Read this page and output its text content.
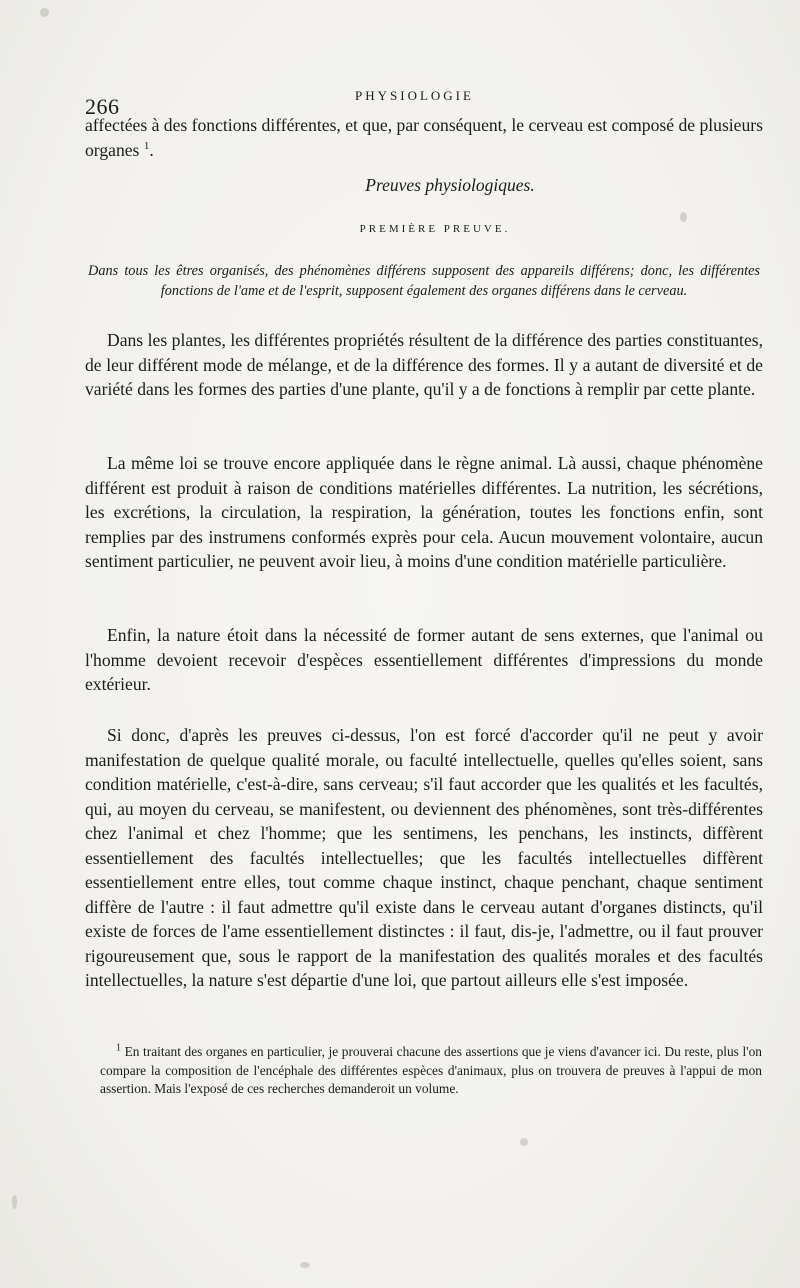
266	PHYSIOLOGIE
affectées à des fonctions différentes, et que, par conséquent, le cerveau est composé de plusieurs organes $^1$.
Preuves physiologiques.
PREMIÈRE PREUVE.
Dans tous les êtres organisés, des phénomènes différens supposent des appareils différens; donc, les différentes fonctions de l'ame et de l'esprit, supposent également des organes différens dans le cerveau.
Dans les plantes, les différentes propriétés résultent de la différence des parties constituantes, de leur différent mode de mélange, et de la différence des formes. Il y a autant de diversité et de variété dans les formes des parties d'une plante, qu'il y a de fonctions à remplir par cette plante.
La même loi se trouve encore appliquée dans le règne animal. Là aussi, chaque phénomène différent est produit à raison de conditions matérielles différentes. La nutrition, les sécrétions, les excrétions, la circulation, la respiration, la génération, toutes les fonctions enfin, sont remplies par des instrumens conformés exprès pour cela. Aucun mouvement volontaire, aucun sentiment particulier, ne peuvent avoir lieu, à moins d'une condition matérielle particulière.
Enfin, la nature étoit dans la nécessité de former autant de sens externes, que l'animal ou l'homme devoient recevoir d'espèces essentiellement différentes d'impressions du monde extérieur.
Si donc, d'après les preuves ci-dessus, l'on est forcé d'accorder qu'il ne peut y avoir manifestation de quelque qualité morale, ou faculté intellectuelle, quelles qu'elles soient, sans condition matérielle, c'est-à-dire, sans cerveau; s'il faut accorder que les qualités et les facultés, qui, au moyen du cerveau, se manifestent, ou deviennent des phénomènes, sont très-différentes chez l'animal et chez l'homme; que les sentimens, les penchans, les instincts, diffèrent essentiellement des facultés intellectuelles; que les facultés intellectuelles diffèrent essentiellement entre elles, tout comme chaque instinct, chaque penchant, chaque sentiment diffère de l'autre : il faut admettre qu'il existe dans le cerveau autant d'organes distincts, qu'il existe de forces de l'ame essentiellement distinctes : il faut, dis-je, l'admettre, ou il faut prouver rigoureusement que, sous le rapport de la manifestation des qualités morales et des facultés intellectuelles, la nature s'est départie d'une loi, que partout ailleurs elle s'est imposée.
$^1$ En traitant des organes en particulier, je prouverai chacune des assertions que je viens d'avancer ici. Du reste, plus l'on compare la composition de l'encéphale des différentes espèces d'animaux, plus on trouvera de preuves à l'appui de mon assertion. Mais l'exposé de ces recherches demanderoit un volume.
